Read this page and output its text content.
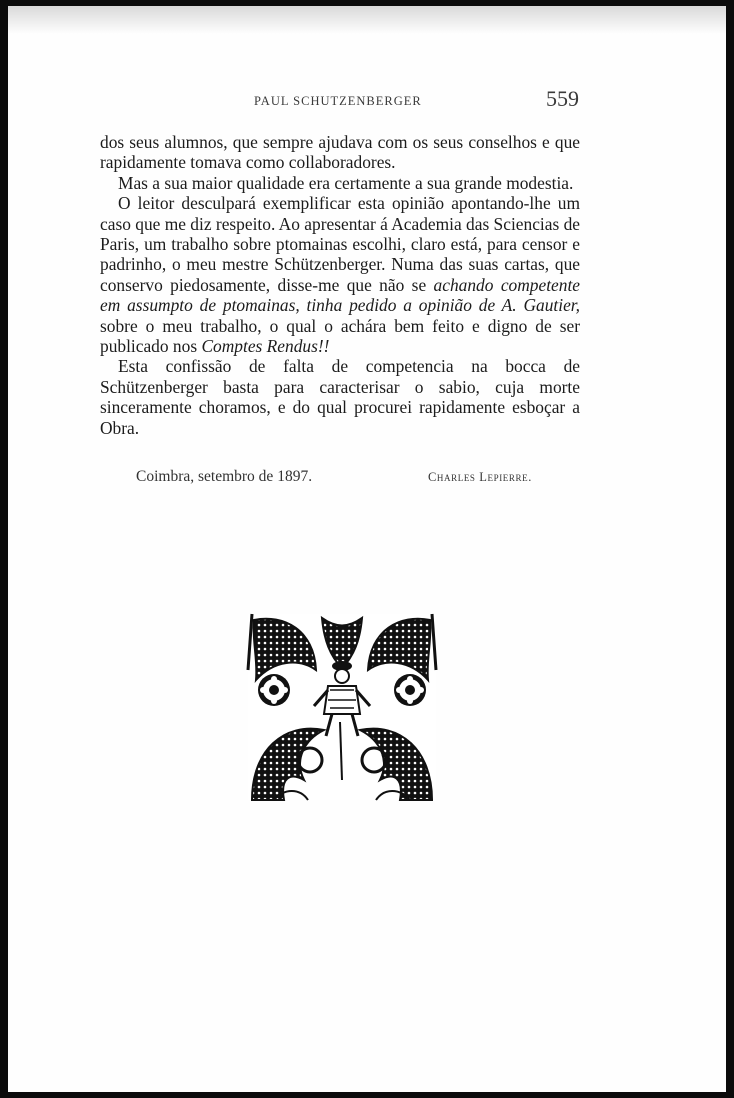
PAUL SCHUTZENBERGER	559

dos seus alumnos, que sempre ajudava com os seus conselhos e que rapidamente tomava como collaboradores.

Mas a sua maior qualidade era certamente a sua grande modestia.

O leitor desculpará exemplificar esta opinião apontando-lhe um caso que me diz respeito. Ao apresentar á Academia das Sciencias de Paris, um trabalho sobre ptomainas escolhi, claro está, para censor e padrinho, o meu mestre Schützenberger. Numa das suas cartas, que conservo piedosamente, disse-me que não se achando competente em assumpto de ptomainas, tinha pedido a opinião de A. Gautier, sobre o meu trabalho, o qual o achára bem feito e digno de ser publicado nos Comptes Rendus!!

Esta confissão de falta de competencia na bocca de Schützenberger basta para caracterisar o sabio, cuja morte sinceramente choramos, e do qual procurei rapidamente esboçar a Obra.

Coimbra, setembro de 1897.	Charles Lepierre.
